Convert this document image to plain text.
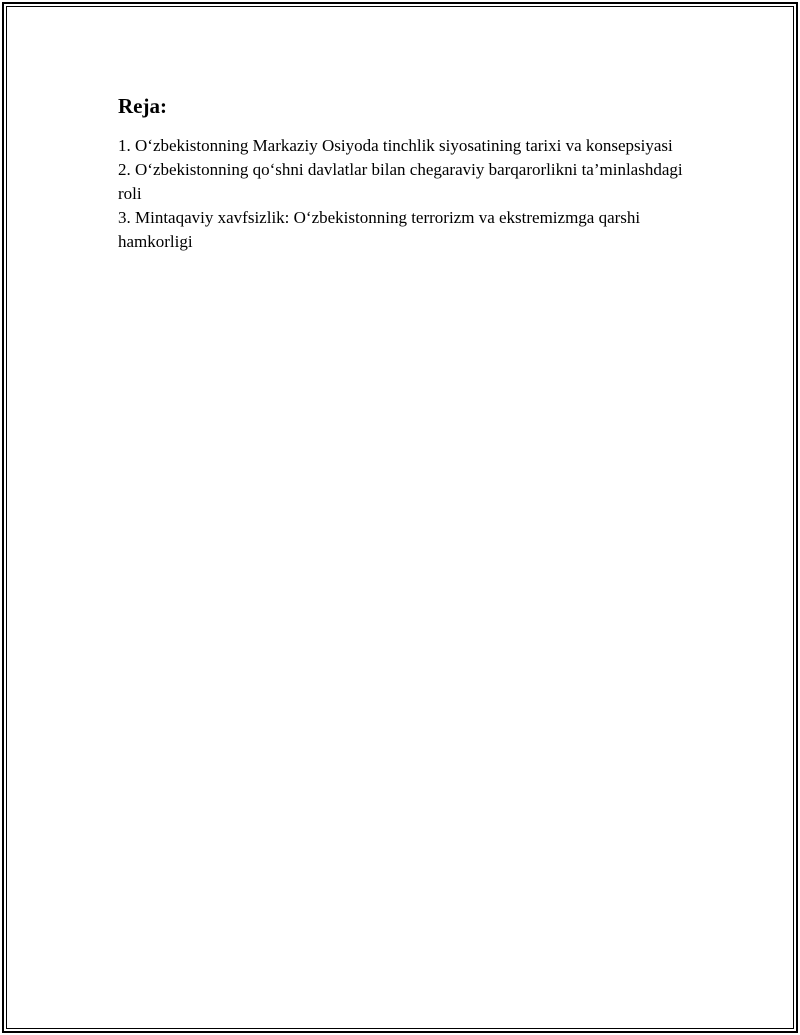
Reja:

1. O‘zbekistonning Markaziy Osiyoda tinchlik siyosatining tarixi va konsepsiyasi

2. O‘zbekistonning qo‘shni davlatlar bilan chegaraviy barqarorlikni ta’minlashdagi roli

3. Mintaqaviy xavfsizlik: O‘zbekistonning terrorizm va ekstremizmga qarshi hamkorligi
